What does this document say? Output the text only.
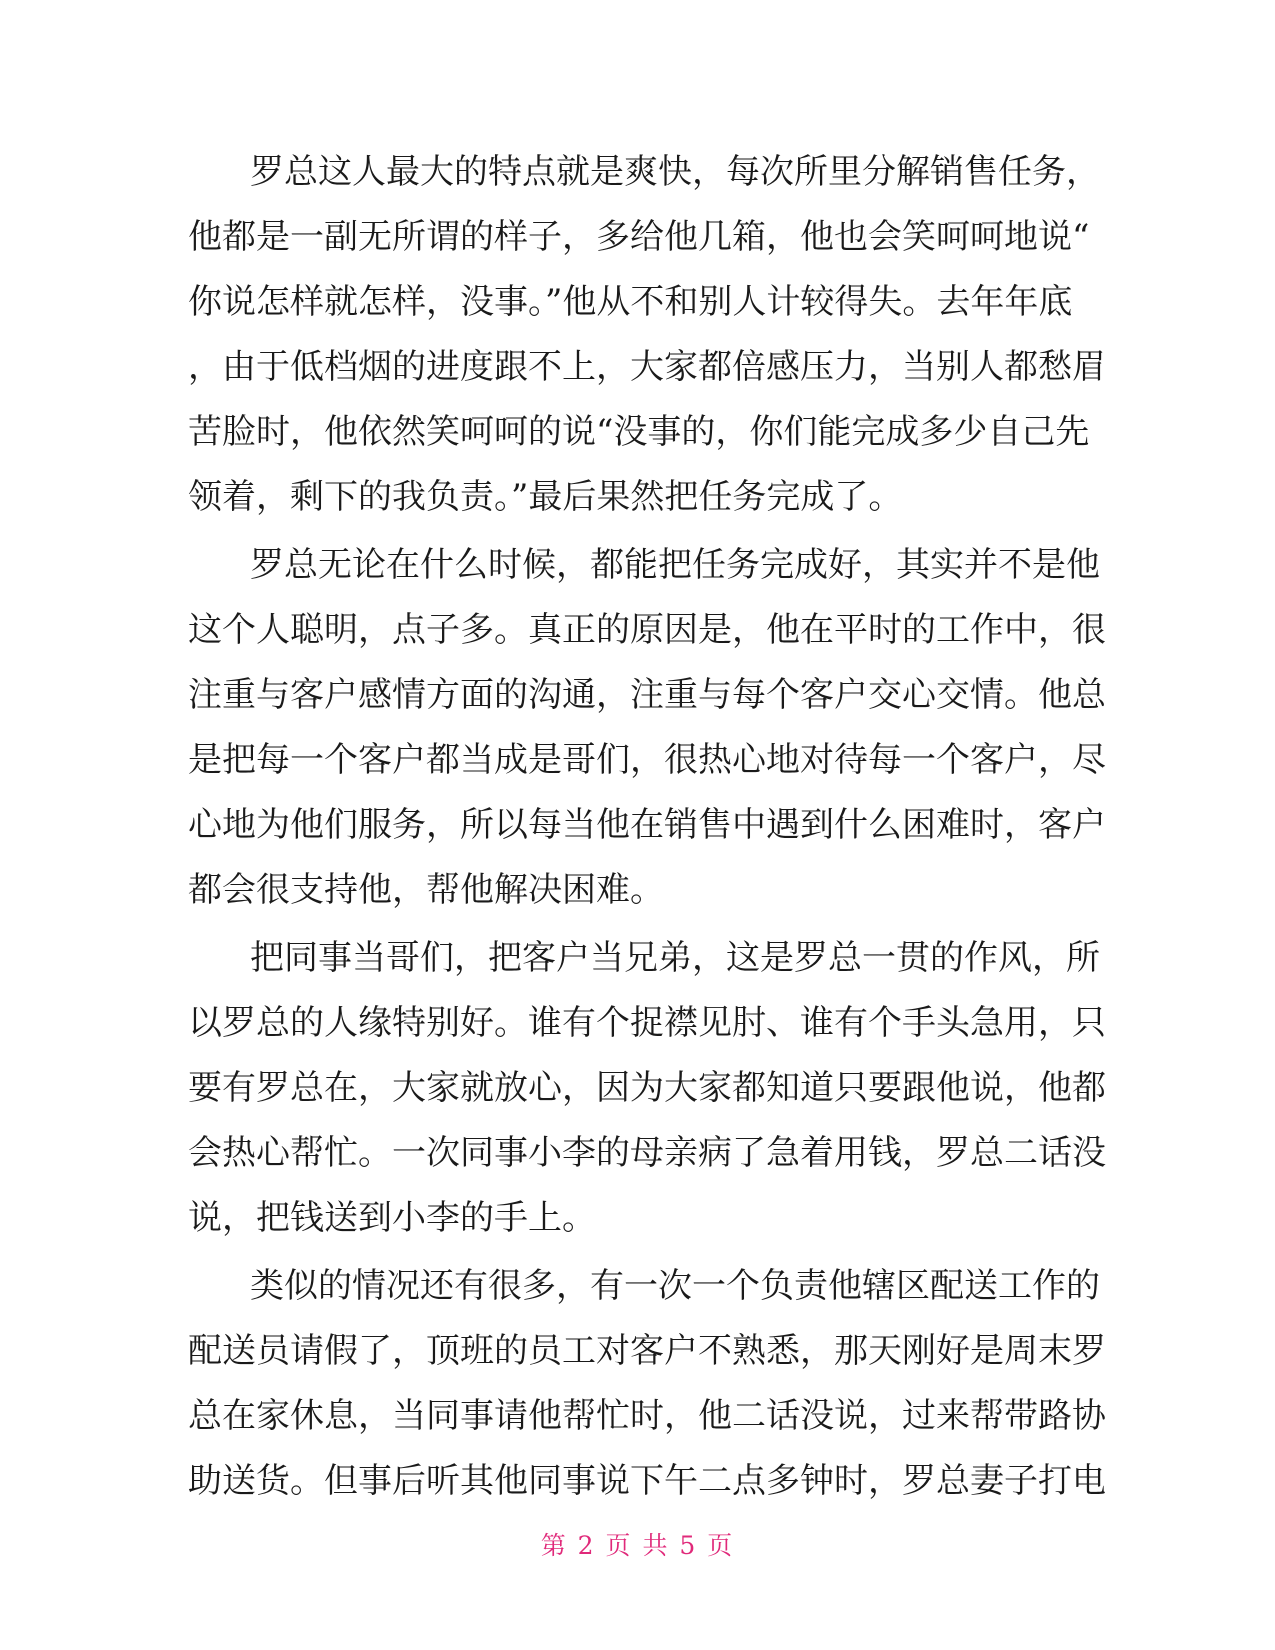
罗总这人最大的特点就是爽快，每次所里分解销售任务，
他都是一副无所谓的样子，多给他几箱，他也会笑呵呵地说“
你说怎样就怎样，没事。”他从不和别人计较得失。去年年底
，由于低档烟的进度跟不上，大家都倍感压力，当别人都愁眉
苦脸时，他依然笑呵呵的说“没事的，你们能完成多少自己先
领着，剩下的我负责。”最后果然把任务完成了。
罗总无论在什么时候，都能把任务完成好，其实并不是他
这个人聪明，点子多。真正的原因是，他在平时的工作中，很
注重与客户感情方面的沟通，注重与每个客户交心交情。他总
是把每一个客户都当成是哥们，很热心地对待每一个客户，尽
心地为他们服务，所以每当他在销售中遇到什么困难时，客户
都会很支持他，帮他解决困难。
把同事当哥们，把客户当兄弟，这是罗总一贯的作风，所
以罗总的人缘特别好。谁有个捉襟见肘、谁有个手头急用，只
要有罗总在，大家就放心，因为大家都知道只要跟他说，他都
会热心帮忙。一次同事小李的母亲病了急着用钱，罗总二话没
说，把钱送到小李的手上。
类似的情况还有很多，有一次一个负责他辖区配送工作的
配送员请假了，顶班的员工对客户不熟悉，那天刚好是周末罗
总在家休息，当同事请他帮忙时，他二话没说，过来帮带路协
助送货。但事后听其他同事说下午二点多钟时，罗总妻子打电
第 2 页 共 5 页
